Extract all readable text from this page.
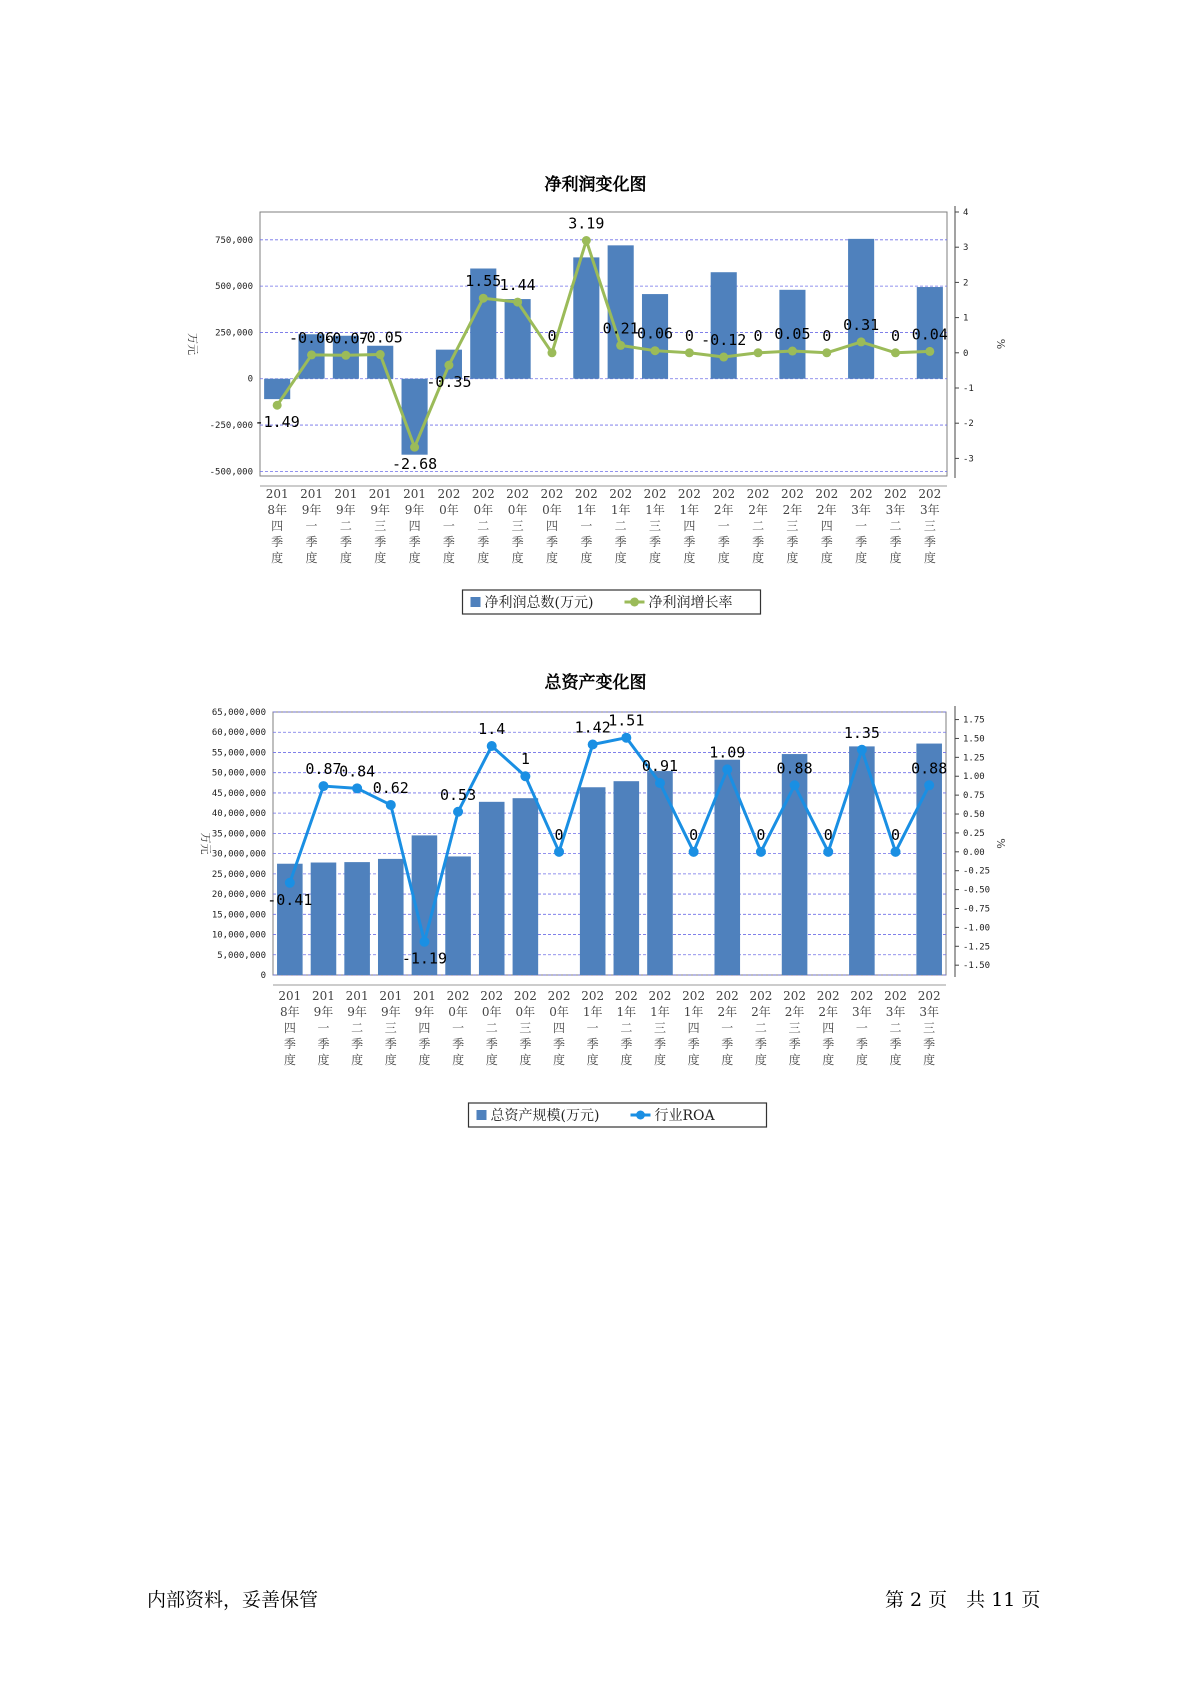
净利润变化图
-500,000
-250,000
0
250,000
500,000
750,000
-3
-2
-1
0
1
2
3
4
万元	%
201
8年
四
季
度
201
9年
一
季
度
201
9年
二
季
度
201
9年
三
季
度
201
9年
四
季
度
202
0年
一
季
度
202
0年
二
季
度
202
0年
三
季
度
202
0年
四
季
度
202
1年
一
季
度
202
1年
二
季
度
202
1年
三
季
度
202
1年
四
季
度
202
2年
一
季
度
202
2年
二
季
度
202
2年
三
季
度
202
2年
四
季
度
202
3年
一
季
度
202
3年
二
季
度
202
3年
三
季
度
-1.49
-0.06
-0.07
-0.05
-2.68
-0.35
1.55
1.44
0
3.19
0.21
0.06 0 -0.12 0 0.05 0
0.31
0 0.04
净利润总数(万元)	净利润增长率
总资产变化图
0
5,000,000
10,000,000
15,000,000
20,000,000
25,000,000
30,000,000
35,000,000
40,000,000
45,000,000
50,000,000
55,000,000
60,000,000
65,000,000
-1.50
-1.25
-1.00
-0.75
-0.50
-0.25
0.00
0.25
0.50
0.75
1.00
1.25
1.50
1.75
万元	%
201
8年
四
季
度
201
9年
一
季
度
201
9年
二
季
度
201
9年
三
季
度
201
9年
四
季
度
202
0年
一
季
度
202
0年
二
季
度
202
0年
三
季
度
202
0年
四
季
度
202
1年
一
季
度
202
1年
二
季
度
202
1年
三
季
度
202
1年
四
季
度
202
2年
一
季
度
202
2年
二
季
度
202
2年
三
季
度
202
2年
四
季
度
202
3年
一
季
度
202
3年
二
季
度
202
3年
三
季
度
-0.41
0.87
0.84
0.62
-1.19
0.53
1.4
1
0
1.42
1.51
0.91
0
1.09
0
0.88
0
1.35
0
0.88
总资产规模(万元)	行业ROA
内部资料，妥善保管	第 2 页　共 11 页
